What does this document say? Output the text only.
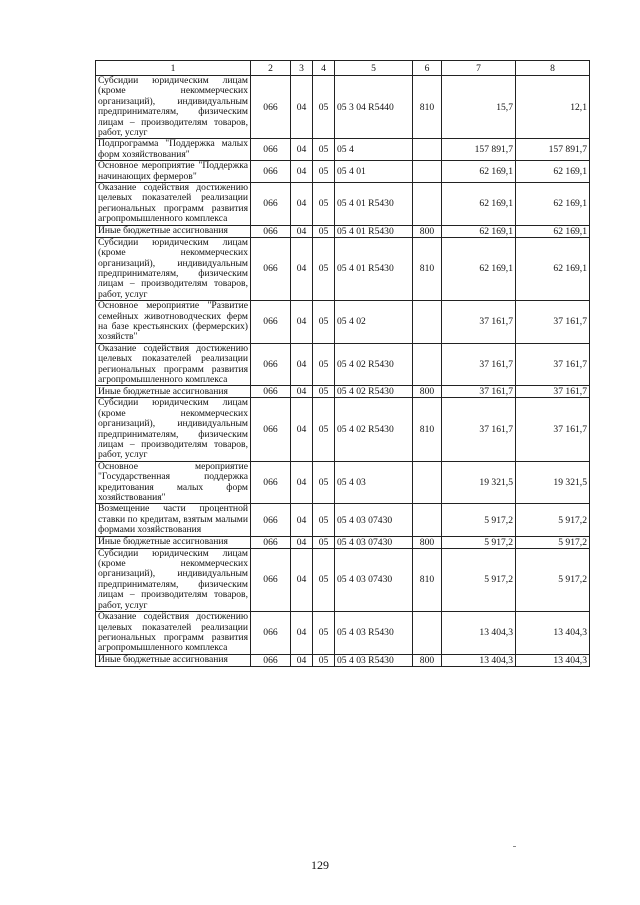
1	2	3	4	5	6	7	8
Субсидии юридическим лицам (кроме некоммерческих организаций), индивидуальным предпринимателям, физическим лицам – производителям товаров, работ, услуг	066	04	05	05 3 04 R5440	810	15,7	12,1
Подпрограмма "Поддержка малых форм хозяйствования"	066	04	05	05 4		157 891,7	157 891,7
Основное мероприятие "Поддержка начинающих фермеров"	066	04	05	05 4 01		62 169,1	62 169,1
Оказание содействия достижению целевых показателей реализации региональных программ развития агропромышленного комплекса	066	04	05	05 4 01 R5430		62 169,1	62 169,1
Иные бюджетные ассигнования	066	04	05	05 4 01 R5430	800	62 169,1	62 169,1
Субсидии юридическим лицам (кроме некоммерческих организаций), индивидуальным предпринимателям, физическим лицам – производителям товаров, работ, услуг	066	04	05	05 4 01 R5430	810	62 169,1	62 169,1
Основное мероприятие "Развитие семейных животноводческих ферм на базе крестьянских (фермерских) хозяйств"	066	04	05	05 4 02		37 161,7	37 161,7
Оказание содействия достижению целевых показателей реализации региональных программ развития агропромышленного комплекса	066	04	05	05 4 02 R5430		37 161,7	37 161,7
Иные бюджетные ассигнования	066	04	05	05 4 02 R5430	800	37 161,7	37 161,7
Субсидии юридическим лицам (кроме некоммерческих организаций), индивидуальным предпринимателям, физическим лицам – производителям товаров, работ, услуг	066	04	05	05 4 02 R5430	810	37 161,7	37 161,7
Основное мероприятие "Государственная поддержка кредитования малых форм хозяйствования"	066	04	05	05 4 03		19 321,5	19 321,5
Возмещение части процентной ставки по кредитам, взятым малыми формами хозяйствования	066	04	05	05 4 03 07430		5 917,2	5 917,2
Иные бюджетные ассигнования	066	04	05	05 4 03 07430	800	5 917,2	5 917,2
Субсидии юридическим лицам (кроме некоммерческих организаций), индивидуальным предпринимателям, физическим лицам – производителям товаров, работ, услуг	066	04	05	05 4 03 07430	810	5 917,2	5 917,2
Оказание содействия достижению целевых показателей реализации региональных программ развития агропромышленного комплекса	066	04	05	05 4 03 R5430		13 404,3	13 404,3
Иные бюджетные ассигнования	066	04	05	05 4 03 R5430	800	13 404,3	13 404,3
129
